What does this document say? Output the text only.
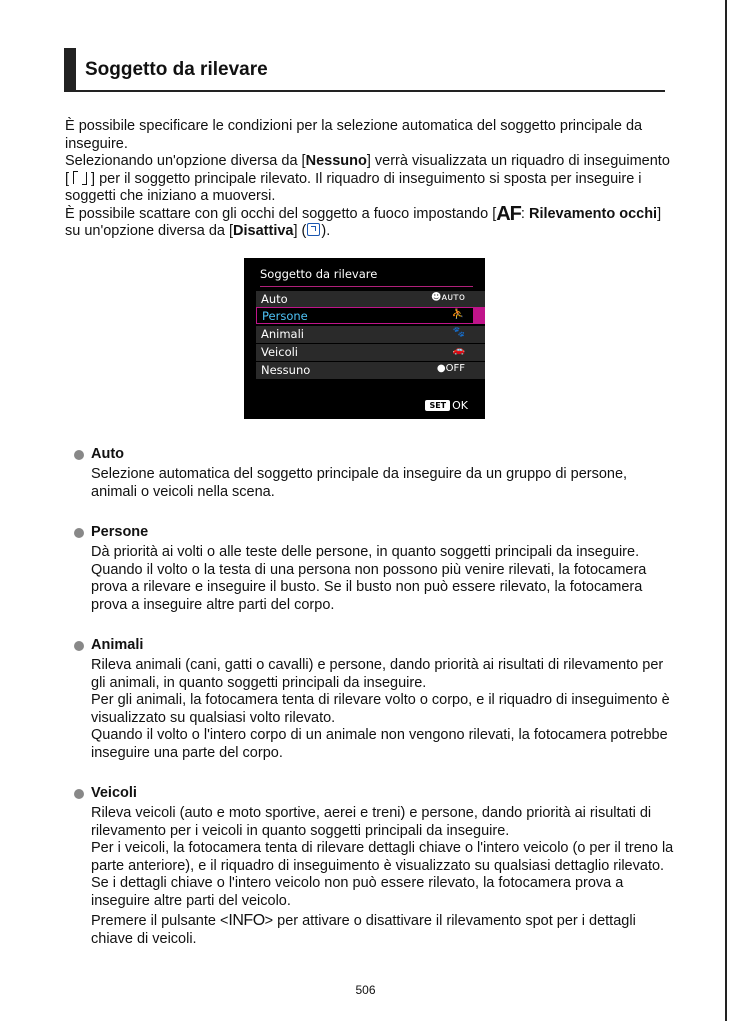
Soggetto da rilevare

È possibile specificare le condizioni per la selezione automatica del soggetto principale da inseguire.

Selezionando un'opzione diversa da [Nessuno] verrà visualizzata un riquadro di inseguimento [ ] per il soggetto principale rilevato. Il riquadro di inseguimento si sposta per inseguire i soggetti che iniziano a muoversi.

È possibile scattare con gli occhi del soggetto a fuoco impostando [AF: Rilevamento occhi] su un'opzione diversa da [Disattiva] ( ).

Soggetto da rilevare
Auto	☻ᴀᴜᴛᴏ
Persone	⛹
Animali	🐾
Veicoli	🚗
Nessuno	●OFF
SET OK
Auto

Selezione automatica del soggetto principale da inseguire da un gruppo di persone, animali o veicoli nella scena.

Persone

Dà priorità ai volti o alle teste delle persone, in quanto soggetti principali da inseguire. Quando il volto o la testa di una persona non possono più venire rilevati, la fotocamera prova a rilevare e inseguire il busto. Se il busto non può essere rilevato, la fotocamera prova a inseguire altre parti del corpo.

Animali

Rileva animali (cani, gatti o cavalli) e persone, dando priorità ai risultati di rilevamento per gli animali, in quanto soggetti principali da inseguire.

Per gli animali, la fotocamera tenta di rilevare volto o corpo, e il riquadro di inseguimento è visualizzato su qualsiasi volto rilevato.

Quando il volto o l'intero corpo di un animale non vengono rilevati, la fotocamera potrebbe inseguire una parte del corpo.

Veicoli

Rileva veicoli (auto e moto sportive, aerei e treni) e persone, dando priorità ai risultati di rilevamento per i veicoli in quanto soggetti principali da inseguire.

Per i veicoli, la fotocamera tenta di rilevare dettagli chiave o l'intero veicolo (o per il treno la parte anteriore), e il riquadro di inseguimento è visualizzato su qualsiasi dettaglio rilevato.

Se i dettagli chiave o l'intero veicolo non può essere rilevato, la fotocamera prova a inseguire altre parti del veicolo.

Premere il pulsante <INFO> per attivare o disattivare il rilevamento spot per i dettagli chiave di veicoli.

506
